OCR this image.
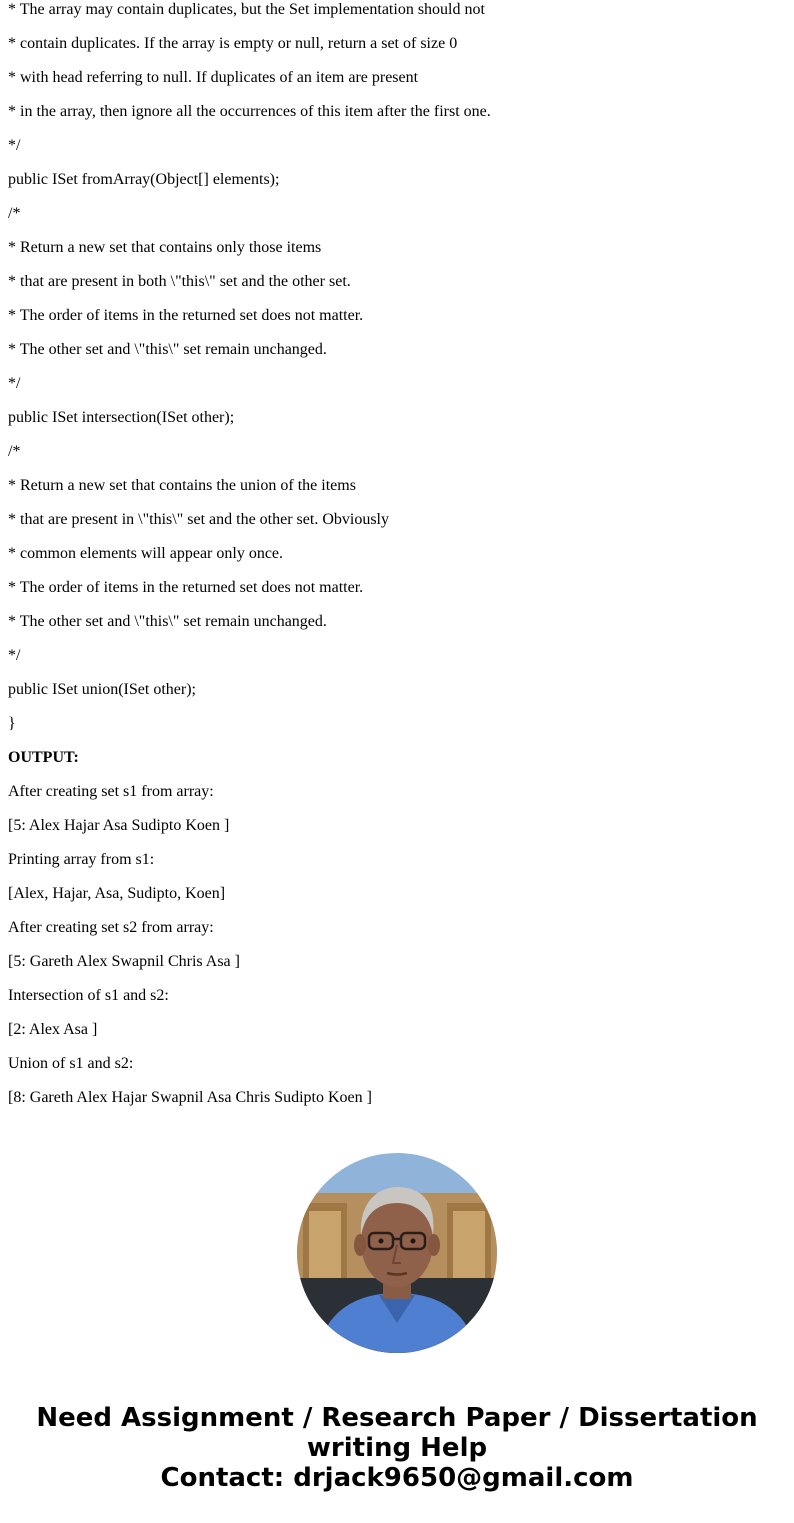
* The array may contain duplicates, but the Set implementation should not
* contain duplicates. If the array is empty or null, return a set of size 0
* with head referring to null. If duplicates of an item are present
* in the array, then ignore all the occurrences of this item after the first one.
*/
public ISet fromArray(Object[] elements);
/*
* Return a new set that contains only those items
* that are present in both \"this\" set and the other set.
* The order of items in the returned set does not matter.
* The other set and \"this\" set remain unchanged.
*/
public ISet intersection(ISet other);
/*
* Return a new set that contains the union of the items
* that are present in \"this\" set and the other set. Obviously
* common elements will appear only once.
* The order of items in the returned set does not matter.
* The other set and \"this\" set remain unchanged.
*/
public ISet union(ISet other);
}
OUTPUT:
After creating set s1 from array:
[5: Alex Hajar Asa Sudipto Koen ]
Printing array from s1:
[Alex, Hajar, Asa, Sudipto, Koen]
After creating set s2 from array:
[5: Gareth Alex Swapnil Chris Asa ]
Intersection of s1 and s2:
[2: Alex Asa ]
Union of s1 and s2:
[8: Gareth Alex Hajar Swapnil Asa Chris Sudipto Koen ]
Need Assignment / Research Paper / Dissertation
writing Help
Contact: drjack9650@gmail.com
